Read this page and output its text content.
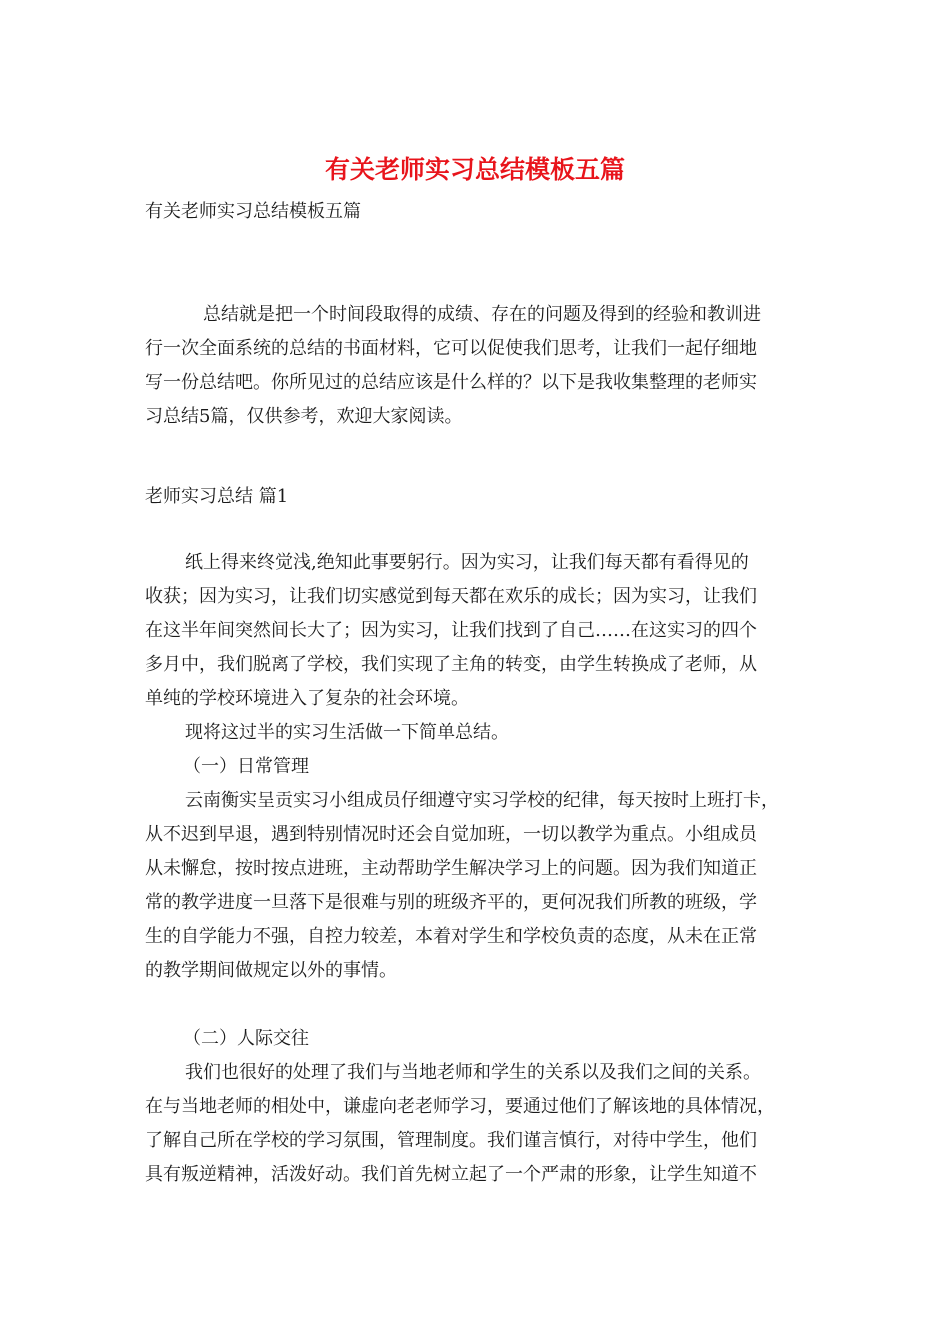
有关老师实习总结模板五篇
有关老师实习总结模板五篇
总结就是把一个时间段取得的成绩、存在的问题及得到的经验和教训进
行一次全面系统的总结的书面材料，它可以促使我们思考，让我们一起仔细地
写一份总结吧。你所见过的总结应该是什么样的？以下是我收集整理的老师实
习总结5篇，仅供参考，欢迎大家阅读。
老师实习总结 篇1
纸上得来终觉浅,绝知此事要躬行。因为实习，让我们每天都有看得见的
收获；因为实习，让我们切实感觉到每天都在欢乐的成长；因为实习，让我们
在这半年间突然间长大了；因为实习，让我们找到了自己……在这实习的四个
多月中，我们脱离了学校，我们实现了主角的转变，由学生转换成了老师，从
单纯的学校环境进入了复杂的社会环境。
现将这过半的实习生活做一下简单总结。
（一）日常管理
云南衡实呈贡实习小组成员仔细遵守实习学校的纪律，每天按时上班打卡，
从不迟到早退，遇到特别情况时还会自觉加班，一切以教学为重点。小组成员
从未懈怠，按时按点进班，主动帮助学生解决学习上的问题。因为我们知道正
常的教学进度一旦落下是很难与别的班级齐平的，更何况我们所教的班级，学
生的自学能力不强，自控力较差，本着对学生和学校负责的态度，从未在正常
的教学期间做规定以外的事情。
（二）人际交往
我们也很好的处理了我们与当地老师和学生的关系以及我们之间的关系。
在与当地老师的相处中，谦虚向老老师学习，要通过他们了解该地的具体情况，
了解自己所在学校的学习氛围，管理制度。我们谨言慎行，对待中学生，他们
具有叛逆精神，活泼好动。我们首先树立起了一个严肃的形象，让学生知道不
